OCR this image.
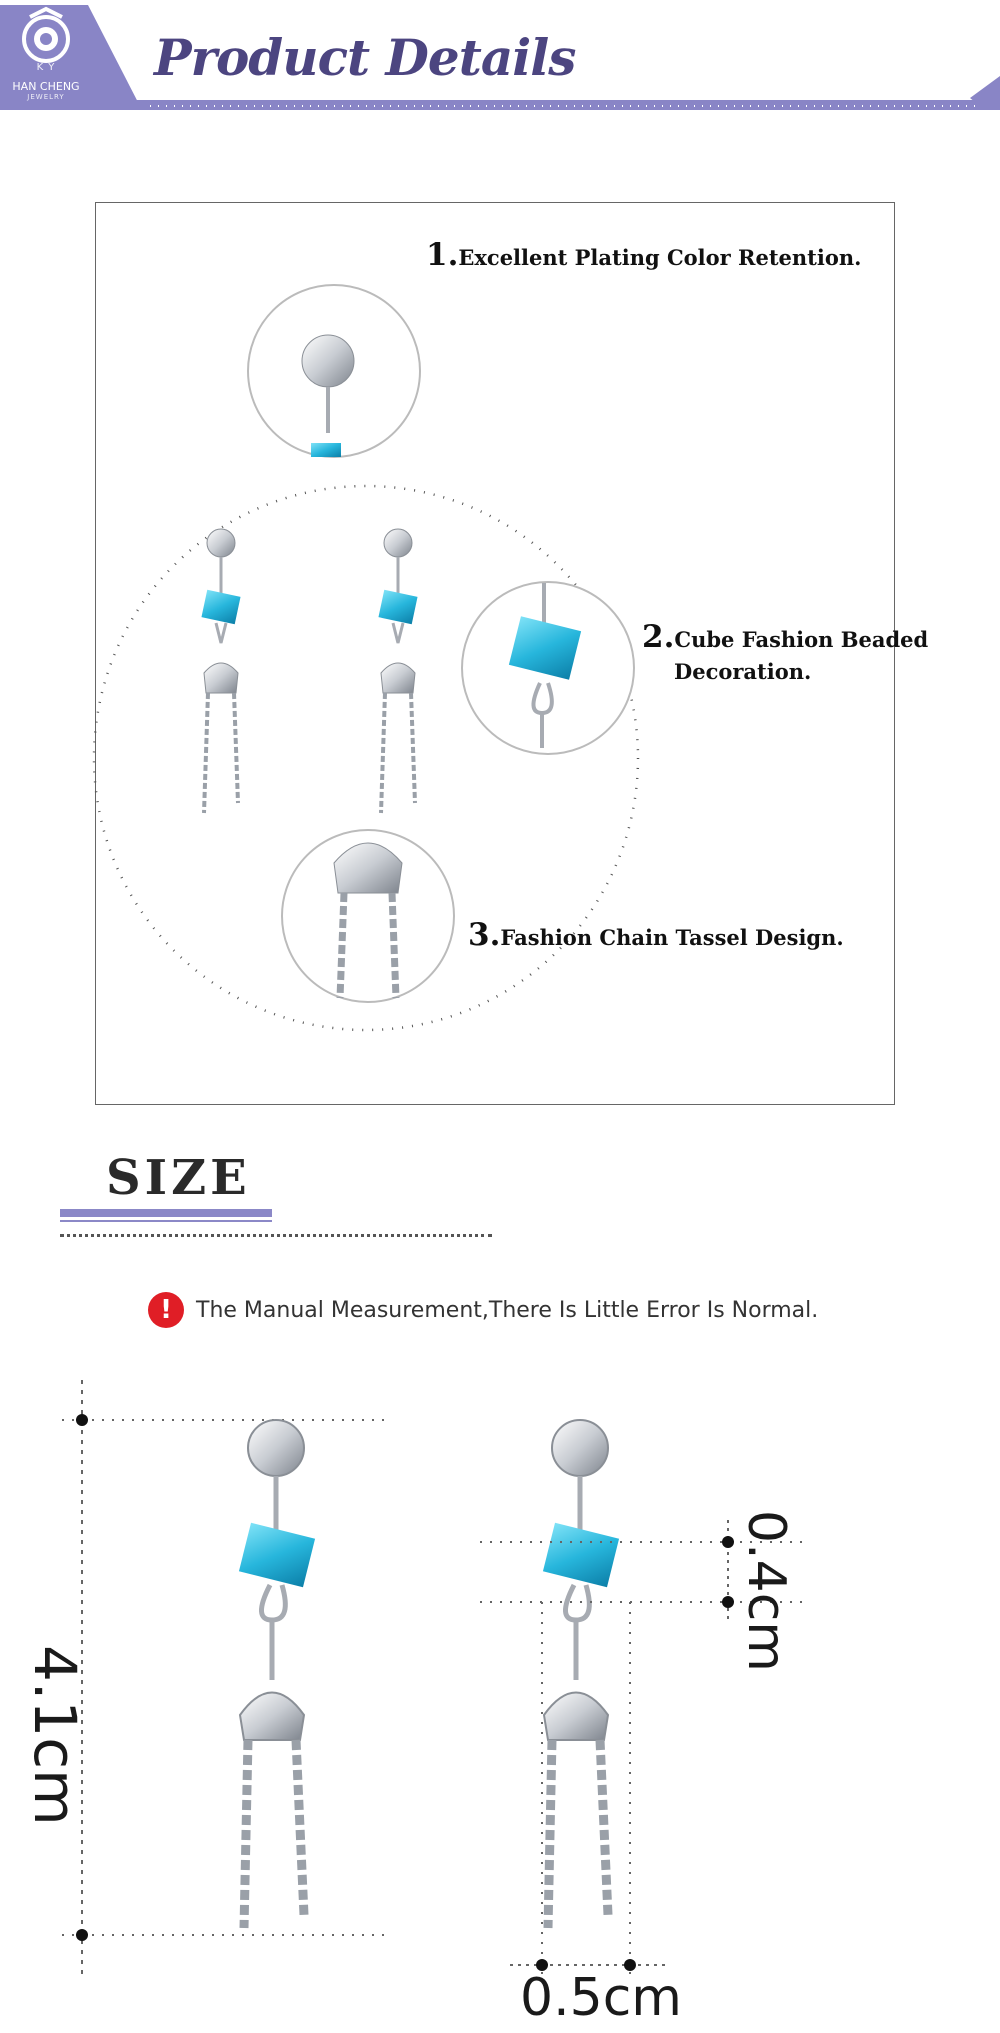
K Y
HAN CHENG
JEWELRY
Product Details
1.Excellent Plating Color Retention.
2.Cube Fashion Beaded
Decoration.
3.Fashion Chain Tassel Design.
SIZE
!	The Manual Measurement,There Is Little Error Is Normal.
4.1cm
0.4cm
0.5cm
